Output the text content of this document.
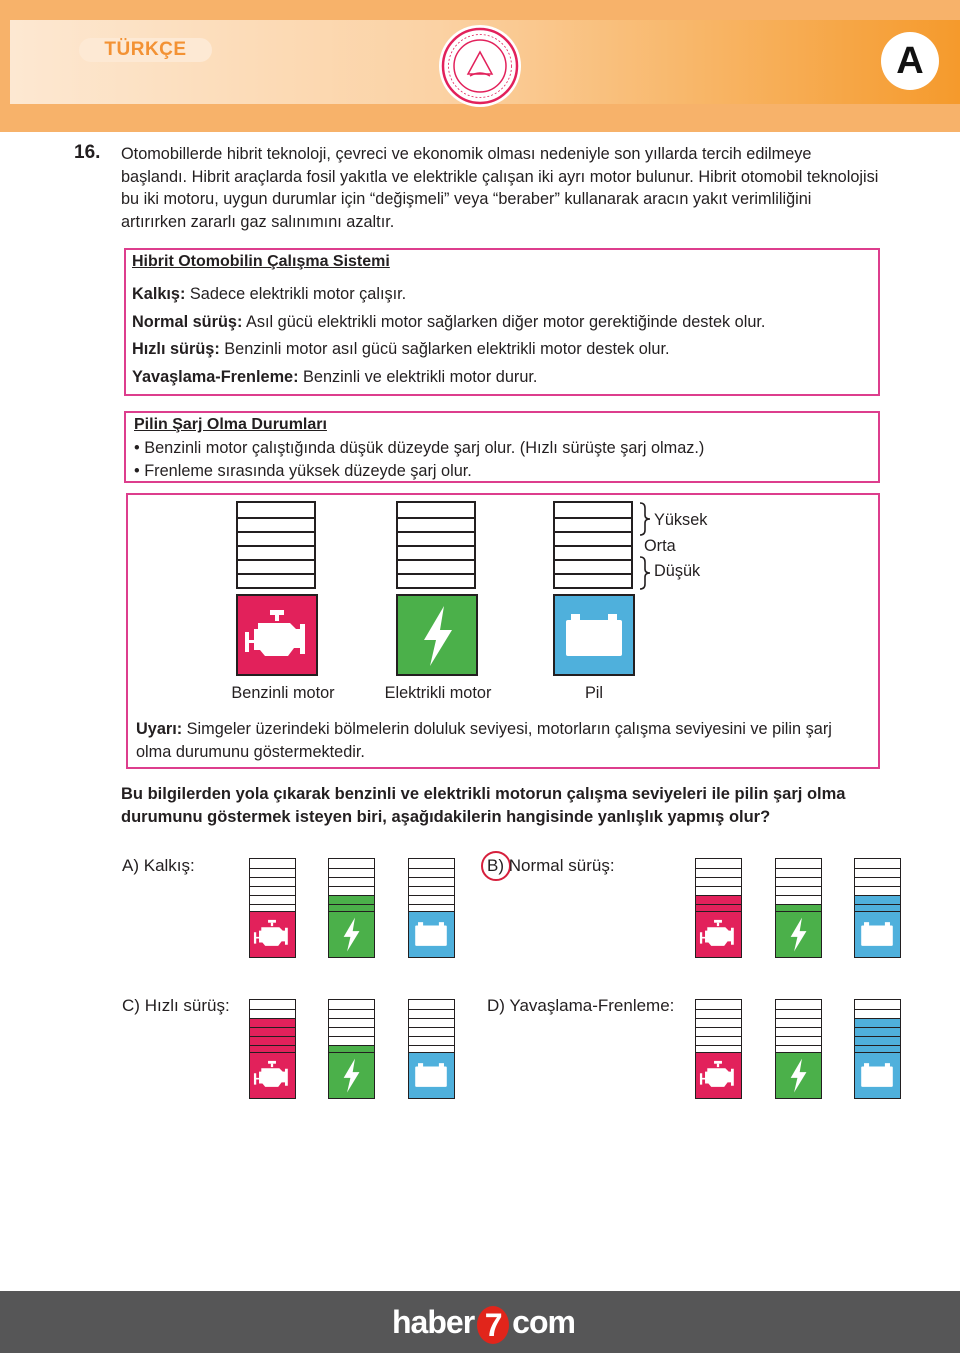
TÜRKÇE	A
16. Otomobillerde hibrit teknoloji, çevreci ve ekonomik olması nedeniyle son yıllarda tercih edilmeye başlandı. Hibrit araçlarda fosil yakıtla ve elektrikle çalışan iki ayrı motor bulunur. Hibrit otomobil teknolojisi bu iki motoru, uygun durumlar için “değişmeli” veya “beraber” kullanarak aracın yakıt verimliliğini artırırken zararlı gaz salınımını azaltır.
Hibrit Otomobilin Çalışma Sistemi
Kalkış: Sadece elektrikli motor çalışır.
Normal sürüş: Asıl gücü elektrikli motor sağlarken diğer motor gerektiğinde destek olur.
Hızlı sürüş: Benzinli motor asıl gücü sağlarken elektrikli motor destek olur.
Yavaşlama-Frenleme: Benzinli ve elektrikli motor durur.
Pilin Şarj Olma Durumları
• Benzinli motor çalıştığında düşük düzeyde şarj olur. (Hızlı sürüşte şarj olmaz.)
• Frenleme sırasında yüksek düzeyde şarj olur.
Yüksek
Orta
Düşük
Benzinli motor	Elektrikli motor	Pil
Uyarı: Simgeler üzerindeki bölmelerin doluluk seviyesi, motorların çalışma seviyesini ve pilin şarj olma durumunu göstermektedir.
Bu bilgilerden yola çıkarak benzinli ve elektrikli motorun çalışma seviyeleri ile pilin şarj olma durumunu göstermek isteyen biri, aşağıdakilerin hangisinde yanlışlık yapmış olur?
A) Kalkış:	B) Normal sürüş:
C) Hızlı sürüş:	D) Yavaşlama-Frenleme:
haber 7 com
